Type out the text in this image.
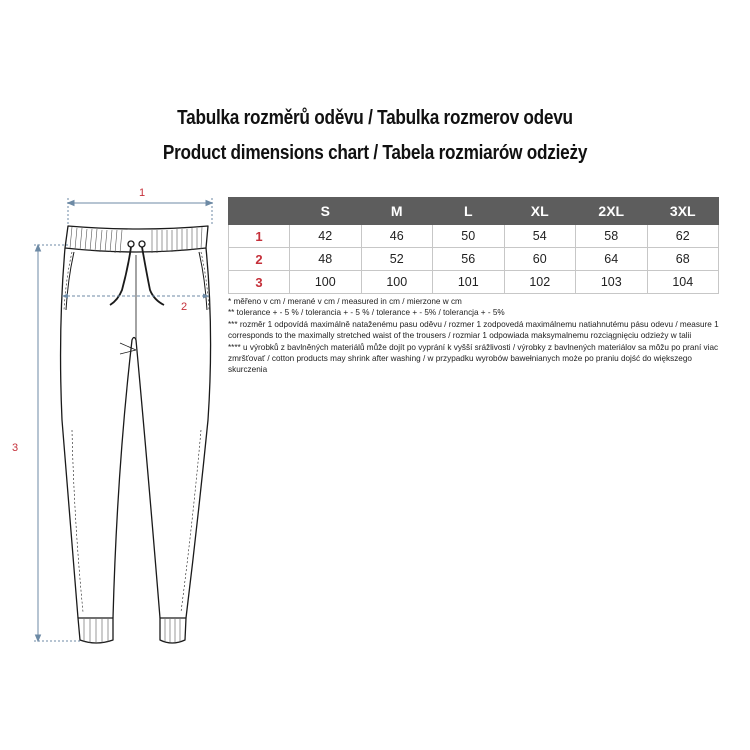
Tabulka rozměrů oděvu / Tabulka rozmerov odevu
Product dimensions chart / Tabela rozmiarów odzieży
1
3
2
	S	M	L	XL	2XL	3XL
1	42	46	50	54	58	62
2	48	52	56	60	64	68
3	100	100	101	102	103	104

* měřeno v cm / merané v cm / measured in cm / mierzone w cm

** tolerance + - 5 % / tolerancia + - 5 % / tolerance + - 5% / tolerancja + - 5%

*** rozměr 1 odpovídá maximálně nataženému pasu oděvu / rozmer 1 zodpovedá maximálnemu natiahnutému pásu odevu / measure 1 corresponds to the maximally stretched waist of the trousers / rozmiar 1 odpowiada maksymalnemu rozciągnięciu odzieży w talii

**** u výrobků z bavlněných materiálů může dojít po vyprání k vyšší srážlivosti / výrobky z bavlnených materiálov sa môžu po praní viac zmršťovať / cotton products may shrink after washing / w przypadku wyrobów bawełnianych może po praniu dojść do większego skurczenia
